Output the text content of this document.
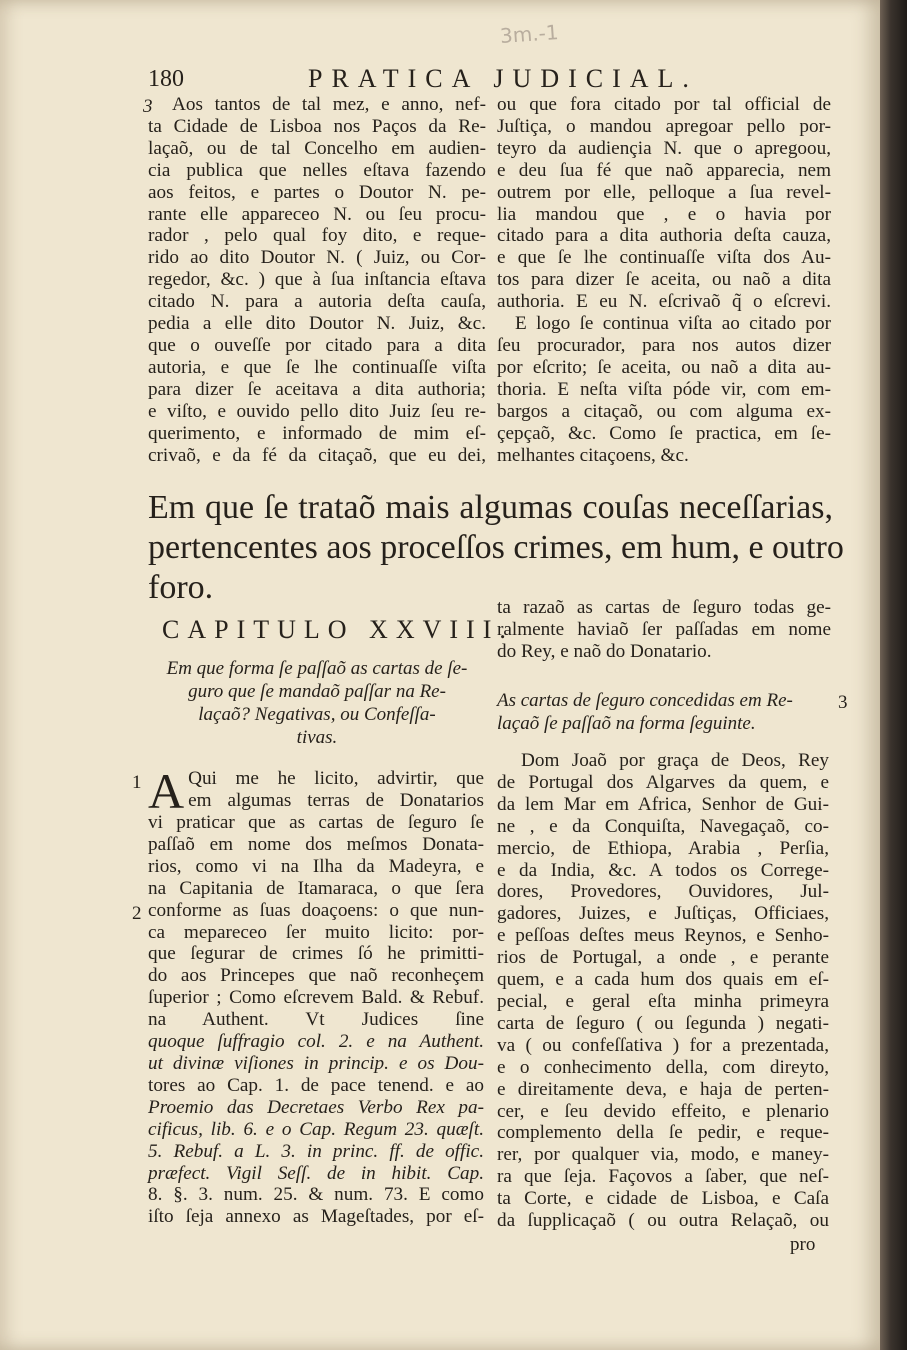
3m.-1
180	PRATICA JUDICIAL.
3	Aos tantos de tal mez, e anno, nef-
ta Cidade de Lisboa nos Paços da Re-
laçaõ, ou de tal Concelho em audien-
cia publica que nelles eſtava fazendo
aos feitos, e partes o Doutor N. pe-
rante elle appareceo N. ou ſeu procu-
rador , pelo qual foy dito, e reque-
rido ao dito Doutor N. ( Juiz, ou Cor-
regedor, &c. ) que à ſua inſtancia eſtava
citado N. para a autoria deſta cauſa,
pedia a elle dito Doutor N. Juiz, &c.
que o ouveſſe por citado para a dita
autoria, e que ſe lhe continuaſſe viſta
para dizer ſe aceitava a dita authoria;
e viſto, e ouvido pello dito Juiz ſeu re-
querimento, e informado de mim eſ-
crivaõ, e da fé da citaçaõ, que eu dei,
ou que fora citado por tal official de
Juſtiça, o mandou apregoar pello por-
teyro da audiençia N. que o apregoou,
e deu ſua fé que naõ apparecia, nem
outrem por elle, pelloque a ſua revel-
lia mandou que , e o havia por
citado para a dita authoria deſta cauza,
e que ſe lhe continuaſſe viſta dos Au-
tos para dizer ſe aceita, ou naõ a dita
authoria. E eu N. eſcrivaõ q̃ o eſcrevi.
E logo ſe continua viſta ao citado por
ſeu procurador, para nos autos dizer
por eſcrito; ſe aceita, ou naõ a dita au-
thoria. E neſta viſta póde vir, com em-
bargos a citaçaõ, ou com alguma ex-
çepçaõ, &c. Como ſe practica, em ſe-
melhantes citaçoens, &c.
Em que ſe trataõ mais algumas couſas neceſſarias,
pertencentes aos proceſſos crimes, em hum, e outro
foro.
CAPITULO XXVIII.
Em que forma ſe paſſaõ as cartas de ſe-
guro que ſe mandaõ paſſar na Re-
laçaõ? Negativas, ou Confeſſa-
tivas.
1
2
A Qui me he licito, advirtir, que
em algumas terras de Donatarios
vi praticar que as cartas de ſeguro ſe
paſſaõ em nome dos meſmos Donata-
rios, como vi na Ilha da Madeyra, e
na Capitania de Itamaraca, o que ſera
conforme as ſuas doaçoens: o que nun-
ca mepareceo ſer muito licito: por-
que ſegurar de crimes ſó he primitti-
do aos Princepes que naõ reconheçem
ſuperior ; Como eſcrevem Bald. & Rebuf. na Authent. Vt Judices ſine
quoque ſuffragio col. 2. e na Authent.
ut divinæ viſiones in princip. e os Dou-
tores ao Cap. 1. de pace tenend. e ao
Proemio das Decretaes Verbo Rex pa-
cificus, lib. 6. e o Cap. Regum 23. quæſt.
5. Rebuf. a L. 3. in princ. ff. de offic.
præfect. Vigil Seſſ. de in hibit. Cap.
8. §. 3. num. 25. & num. 73. E como
iſto ſeja annexo as Mageſtades, por eſ-
ta razaõ as cartas de ſeguro todas ge-
ralmente haviaõ ſer paſſadas em nome
do Rey, e naõ do Donatario.
As cartas de ſeguro concedidas em Re-
laçaõ ſe paſſaõ na forma ſeguinte.
3
Dom Joaõ por graça de Deos, Rey
de Portugal dos Algarves da quem, e
da lem Mar em Africa, Senhor de Gui-
ne , e da Conquiſta, Navegaçaõ, co-
mercio, de Ethiopa, Arabia , Perſia,
e da India, &c. A todos os Correge-
dores, Provedores, Ouvidores, Jul-
gadores, Juizes, e Juſtiças, Officiaes,
e peſſoas deſtes meus Reynos, e Senho-
rios de Portugal, a onde , e perante
quem, e a cada hum dos quais em eſ-
pecial, e geral eſta minha primeyra
carta de ſeguro ( ou ſegunda ) negati-
va ( ou confeſſativa ) for a prezentada,
e o conhecimento della, com direyto,
e direitamente deva, e haja de perten-
cer, e ſeu devido effeito, e plenario
complemento della ſe pedir, e reque-
rer, por qualquer via, modo, e maney-
ra que ſeja. Façovos a ſaber, que neſ-
ta Corte, e cidade de Lisboa, e Caſa
da ſupplicaçaõ ( ou outra Relaçaõ, ou
pro
